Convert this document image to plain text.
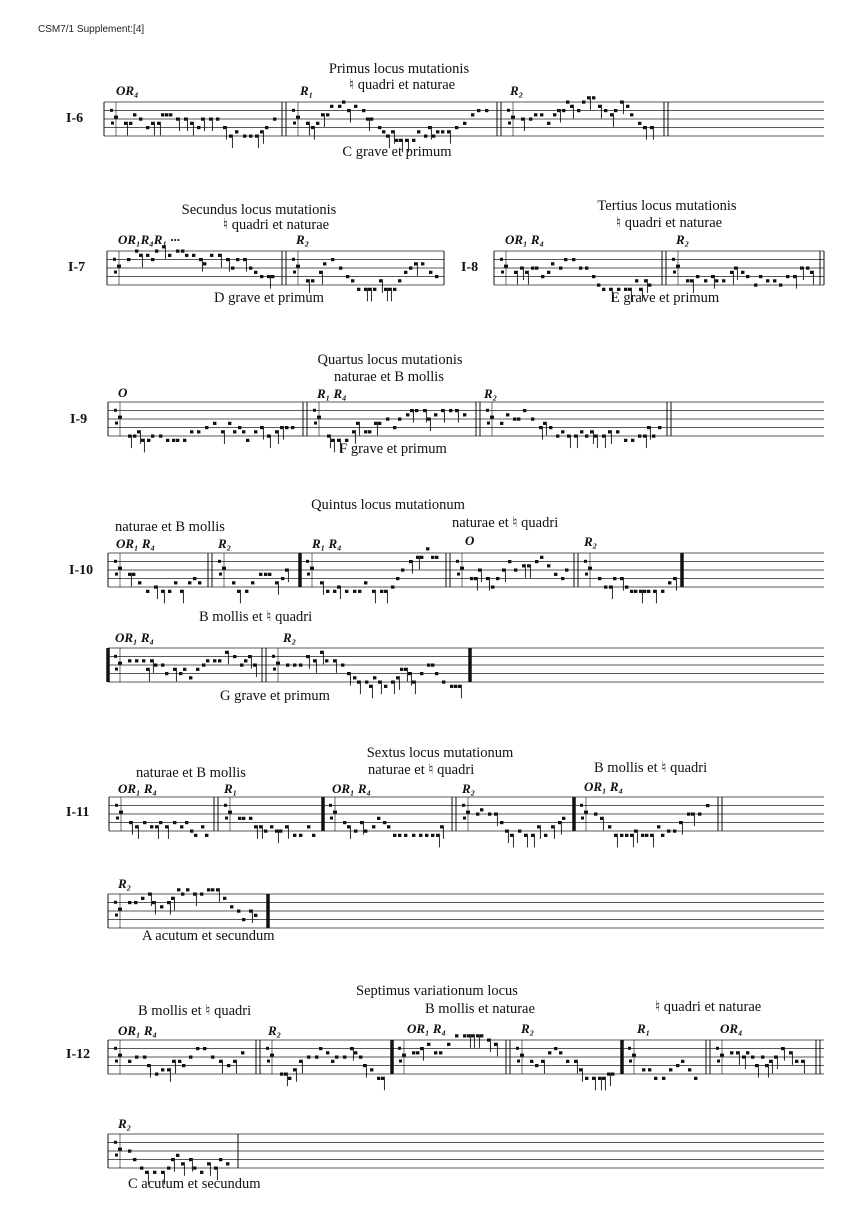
CSM7/1 Supplement:[4]
Primus locus mutationis
♮ quadri et naturae
OR₄	R₁	R₂
I-6
C grave et primum
Secundus locus mutationis
♮ quadri et naturae
OR₁R₄R₁ ···	R₂
I-7
D grave et primum
Tertius locus mutationis
♮ quadri et naturae
OR₁ R₄	R₂
I-8
E grave et primum
Quartus locus mutationis
naturae et B mollis
O	R₁ R₄	R₂
I-9
F grave et primum
Quintus locus mutationum
naturae et B mollis	naturae et ♮ quadri
OR₁ R₄	R₂	R₁ R₄	O	R₂
I-10
B mollis et ♮ quadri
OR₁ R₄	R₂
G grave et primum
Sextus locus mutationum
naturae et B mollis	naturae et ♮ quadri	B mollis et ♮ quadri
OR₁ R₄	R₁	OR₁ R₄	R₂	OR₁ R₄
I-11
R₂
A acutum et secundum
Septimus variationum locus
B mollis et ♮ quadri	B mollis et naturae	♮ quadri et naturae
OR₁ R₄	R₂	OR₁ R₄	R₂	R₁	OR₄
I-12
R₂
C acutum et secundum
